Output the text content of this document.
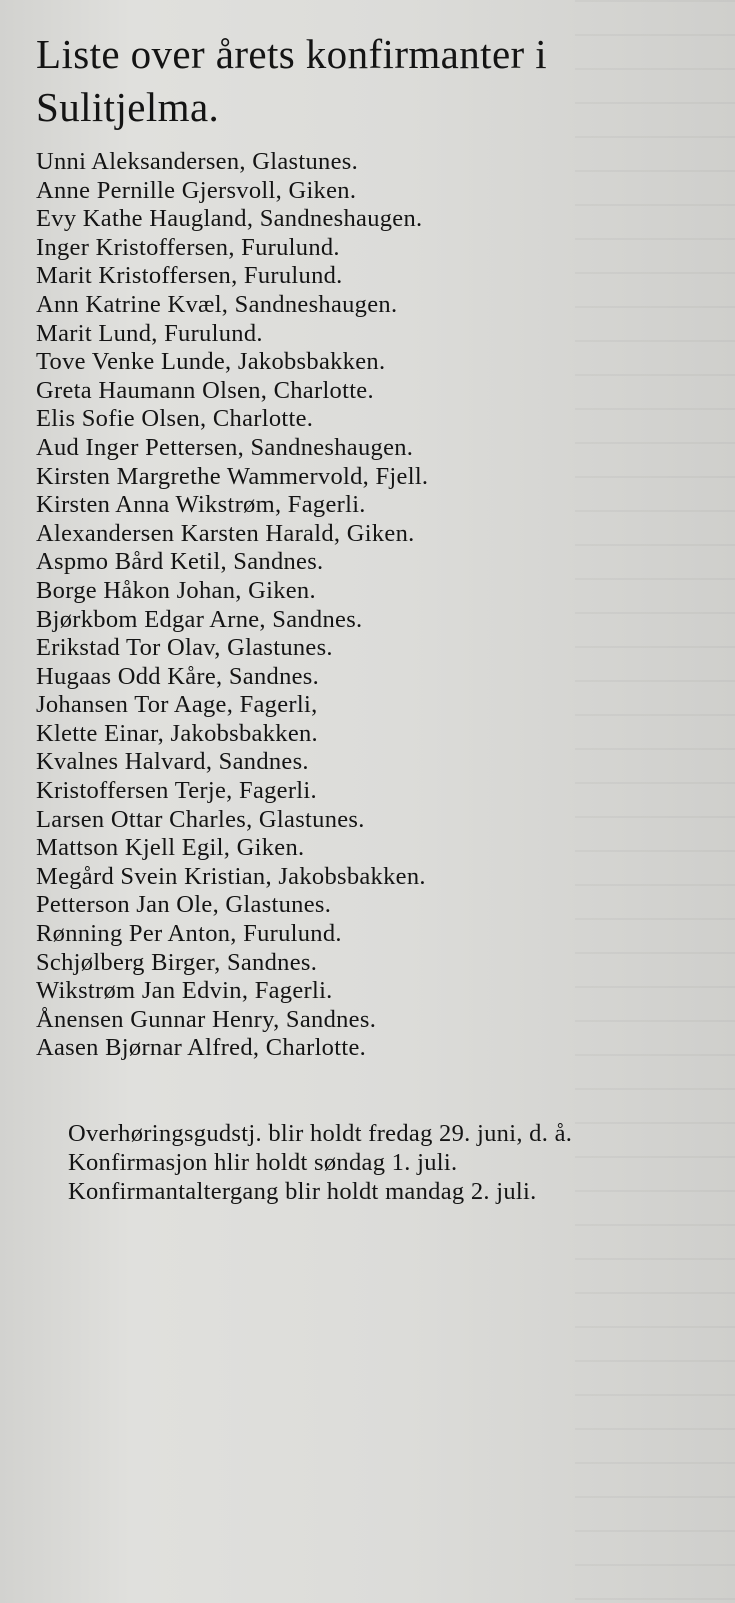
Liste over årets konfirmanter i Sulitjelma.
Unni Aleksandersen, Glastunes.
Anne Pernille Gjersvoll, Giken.
Evy Kathe Haugland, Sandneshaugen.
Inger Kristoffersen, Furulund.
Marit Kristoffersen, Furulund.
Ann Katrine Kvæl, Sandneshaugen.
Marit Lund, Furulund.
Tove Venke Lunde, Jakobsbakken.
Greta Haumann Olsen, Charlotte.
Elis Sofie Olsen, Charlotte.
Aud Inger Pettersen, Sandneshaugen.
Kirsten Margrethe Wammervold, Fjell.
Kirsten Anna Wikstrøm, Fagerli.
Alexandersen Karsten Harald, Giken.
Aspmo Bård Ketil, Sandnes.
Borge Håkon Johan, Giken.
Bjørkbom Edgar Arne, Sandnes.
Erikstad Tor Olav, Glastunes.
Hugaas Odd Kåre, Sandnes.
Johansen Tor Aage, Fagerli,
Klette Einar, Jakobsbakken.
Kvalnes Halvard, Sandnes.
Kristoffersen Terje, Fagerli.
Larsen Ottar Charles, Glastunes.
Mattson Kjell Egil, Giken.
Megård Svein Kristian, Jakobsbakken.
Petterson Jan Ole, Glastunes.
Rønning Per Anton, Furulund.
Schjølberg Birger, Sandnes.
Wikstrøm Jan Edvin, Fagerli.
Ånensen Gunnar Henry, Sandnes.
Aasen Bjørnar Alfred, Charlotte.

Overhøringsgudstj. blir holdt fredag 29. juni, d. å.

Konfirmasjon hlir holdt søndag 1. juli.

Konfirmantaltergang blir holdt mandag 2. juli.
